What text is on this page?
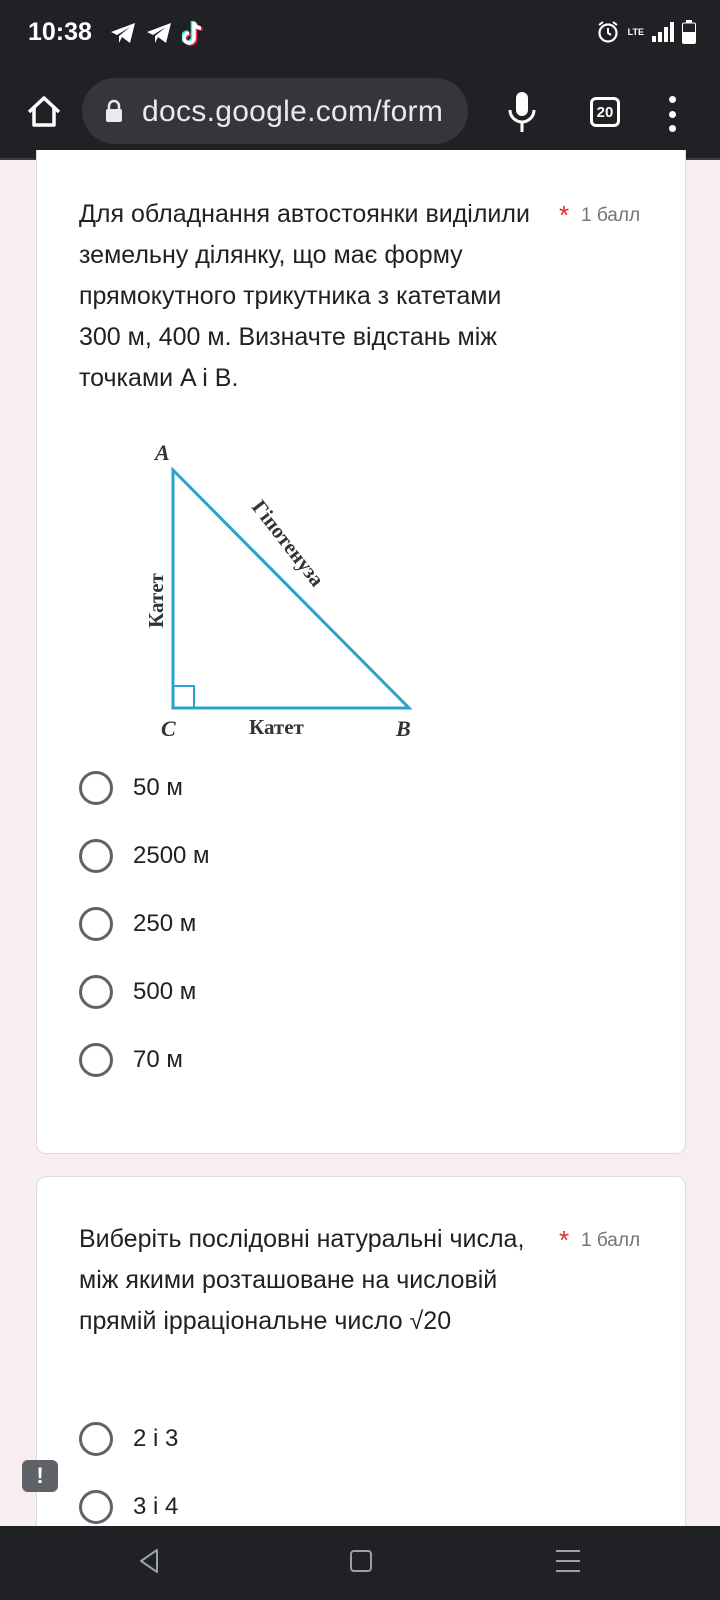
10:38	LTE
docs.google.com/form	20
Для обладнання автостоянки виділили земельну ділянку, що має форму прямокутного трикутника з катетами 300 м, 400 м. Визначте відстань між точками A і B.
* 1 балл
A
C	B
Катет
Катет
Гіпотенуза
50 м
2500 м
250 м
500 м
70 м
Виберіть послідовні натуральні числа, між якими розташоване на числовій прямій ірраціональне число √20
* 1 балл
2 і 3
3 і 4
!
